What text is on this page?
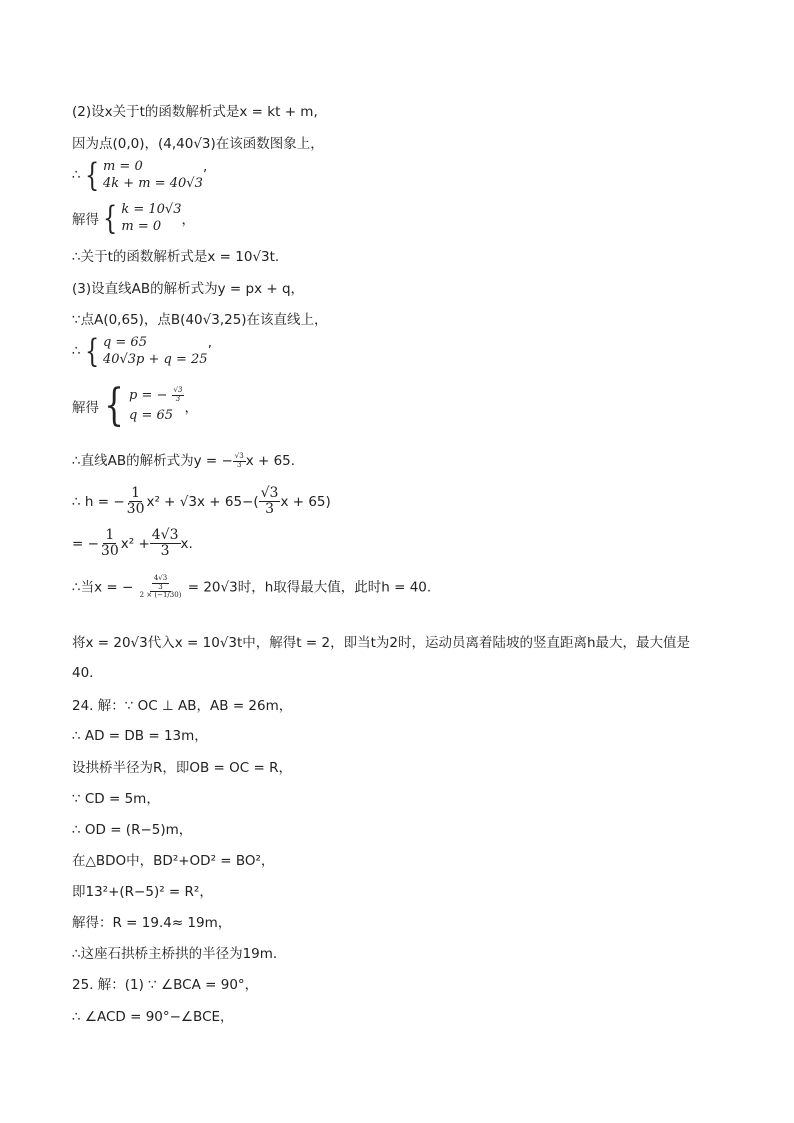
(2)设x关于t的函数解析式是x = kt + m,
因为点(0,0)，(4,40√3)在该函数图象上，
∴ { m = 0
4k + m = 40√3
’
解得 { k = 10√3
m = 0	，
∴关于t的函数解析式是x = 10√3t.
(3)设直线AB的解析式为y = px + q，
∵点A(0,65)，点B(40√3,25)在该直线上，
∴ { q = 65
40√3p + q = 25
’
解得 { p = − $\frac{√3}{3}$
q = 65 ，
∴直线AB的解析式为y = − $\frac{√3}{3}$ x + 65.
∴ h = − $\frac{1}{30} x^2 + √3x + 65-( \frac{√3}{3}$ x + 65)
= − $\frac{1}{30} x^2 + \frac{4√3}{3} x$.
∴当x = − $\frac{\frac{4√3}{3}}{2 \times (-1/30)} = 20√3$时，h取得最大值，此时h = 40.
将x = 20√3代入x = 10√3t中，解得t = 2，即当t为2时，运动员离着陆坡的竖直距离h最大，最大值是
40.
24. 解：∵ OC ⊥ AB，AB = 26m，
∴ AD = DB = 13m，
设拱桥半径为R，即OB = OC = R，
∵ CD = 5m，
∴ OD = (R−5)m，
在△BDO中，BD²+OD² = BO²，
即13²+(R−5)² = R²，
解得：R = 19.4≈ 19m，
∴这座石拱桥主桥拱的半径为19m.
25. 解：(1) ∵ ∠BCA = 90°，
∴ ∠ACD = 90°−∠BCE，
